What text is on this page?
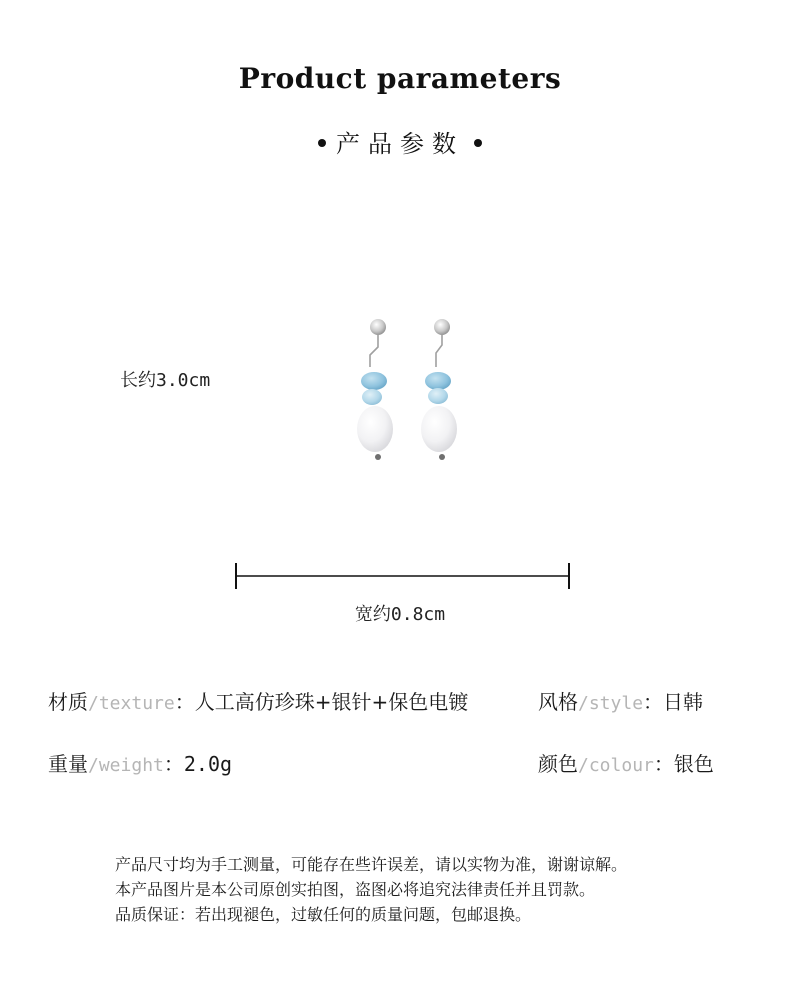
Product parameters
产品参数
长约3.0cm
宽约0.8cm
材质/texture：人工高仿珍珠+银针+保色电镀	风格/style：日韩
重量/weight：2.0g	颜色/colour：银色
产品尺寸均为手工测量，可能存在些许误差，请以实物为准，谢谢谅解。
本产品图片是本公司原创实拍图，盗图必将追究法律责任并且罚款。
品质保证：若出现褪色，过敏任何的质量问题，包邮退换。
